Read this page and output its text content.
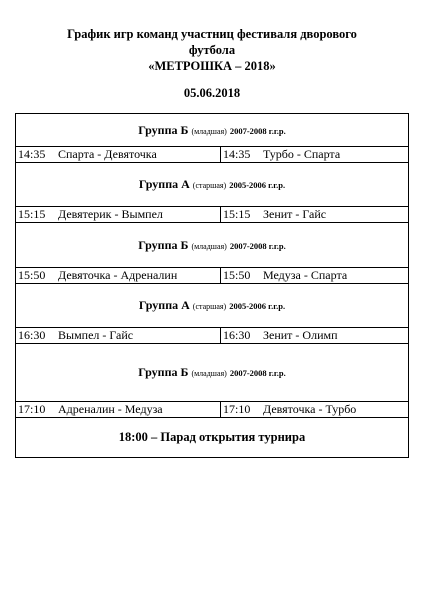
График игр команд участниц фестиваля дворового
футбола
«МЕТРОШКА – 2018»
05.06.2018
Группа Б (младшая) 2007-2008 г.г.р.	
14:35 Спарта - Девяточка	14:35 Турбо - Спарта
Группа А (старшая) 2005-2006 г.г.р.	
15:15 Девятерик - Вымпел	15:15 Зенит - Гайс
Группа Б (младшая) 2007-2008 г.г.р.	
15:50 Девяточка - Адреналин	15:50 Медуза - Спарта
Группа А (старшая) 2005-2006 г.г.р.	
16:30 Вымпел - Гайс	16:30 Зенит - Олимп
Группа Б (младшая) 2007-2008 г.г.р.	
17:10 Адреналин - Медуза	17:10 Девяточка - Турбо
18:00 – Парад открытия турнира	
